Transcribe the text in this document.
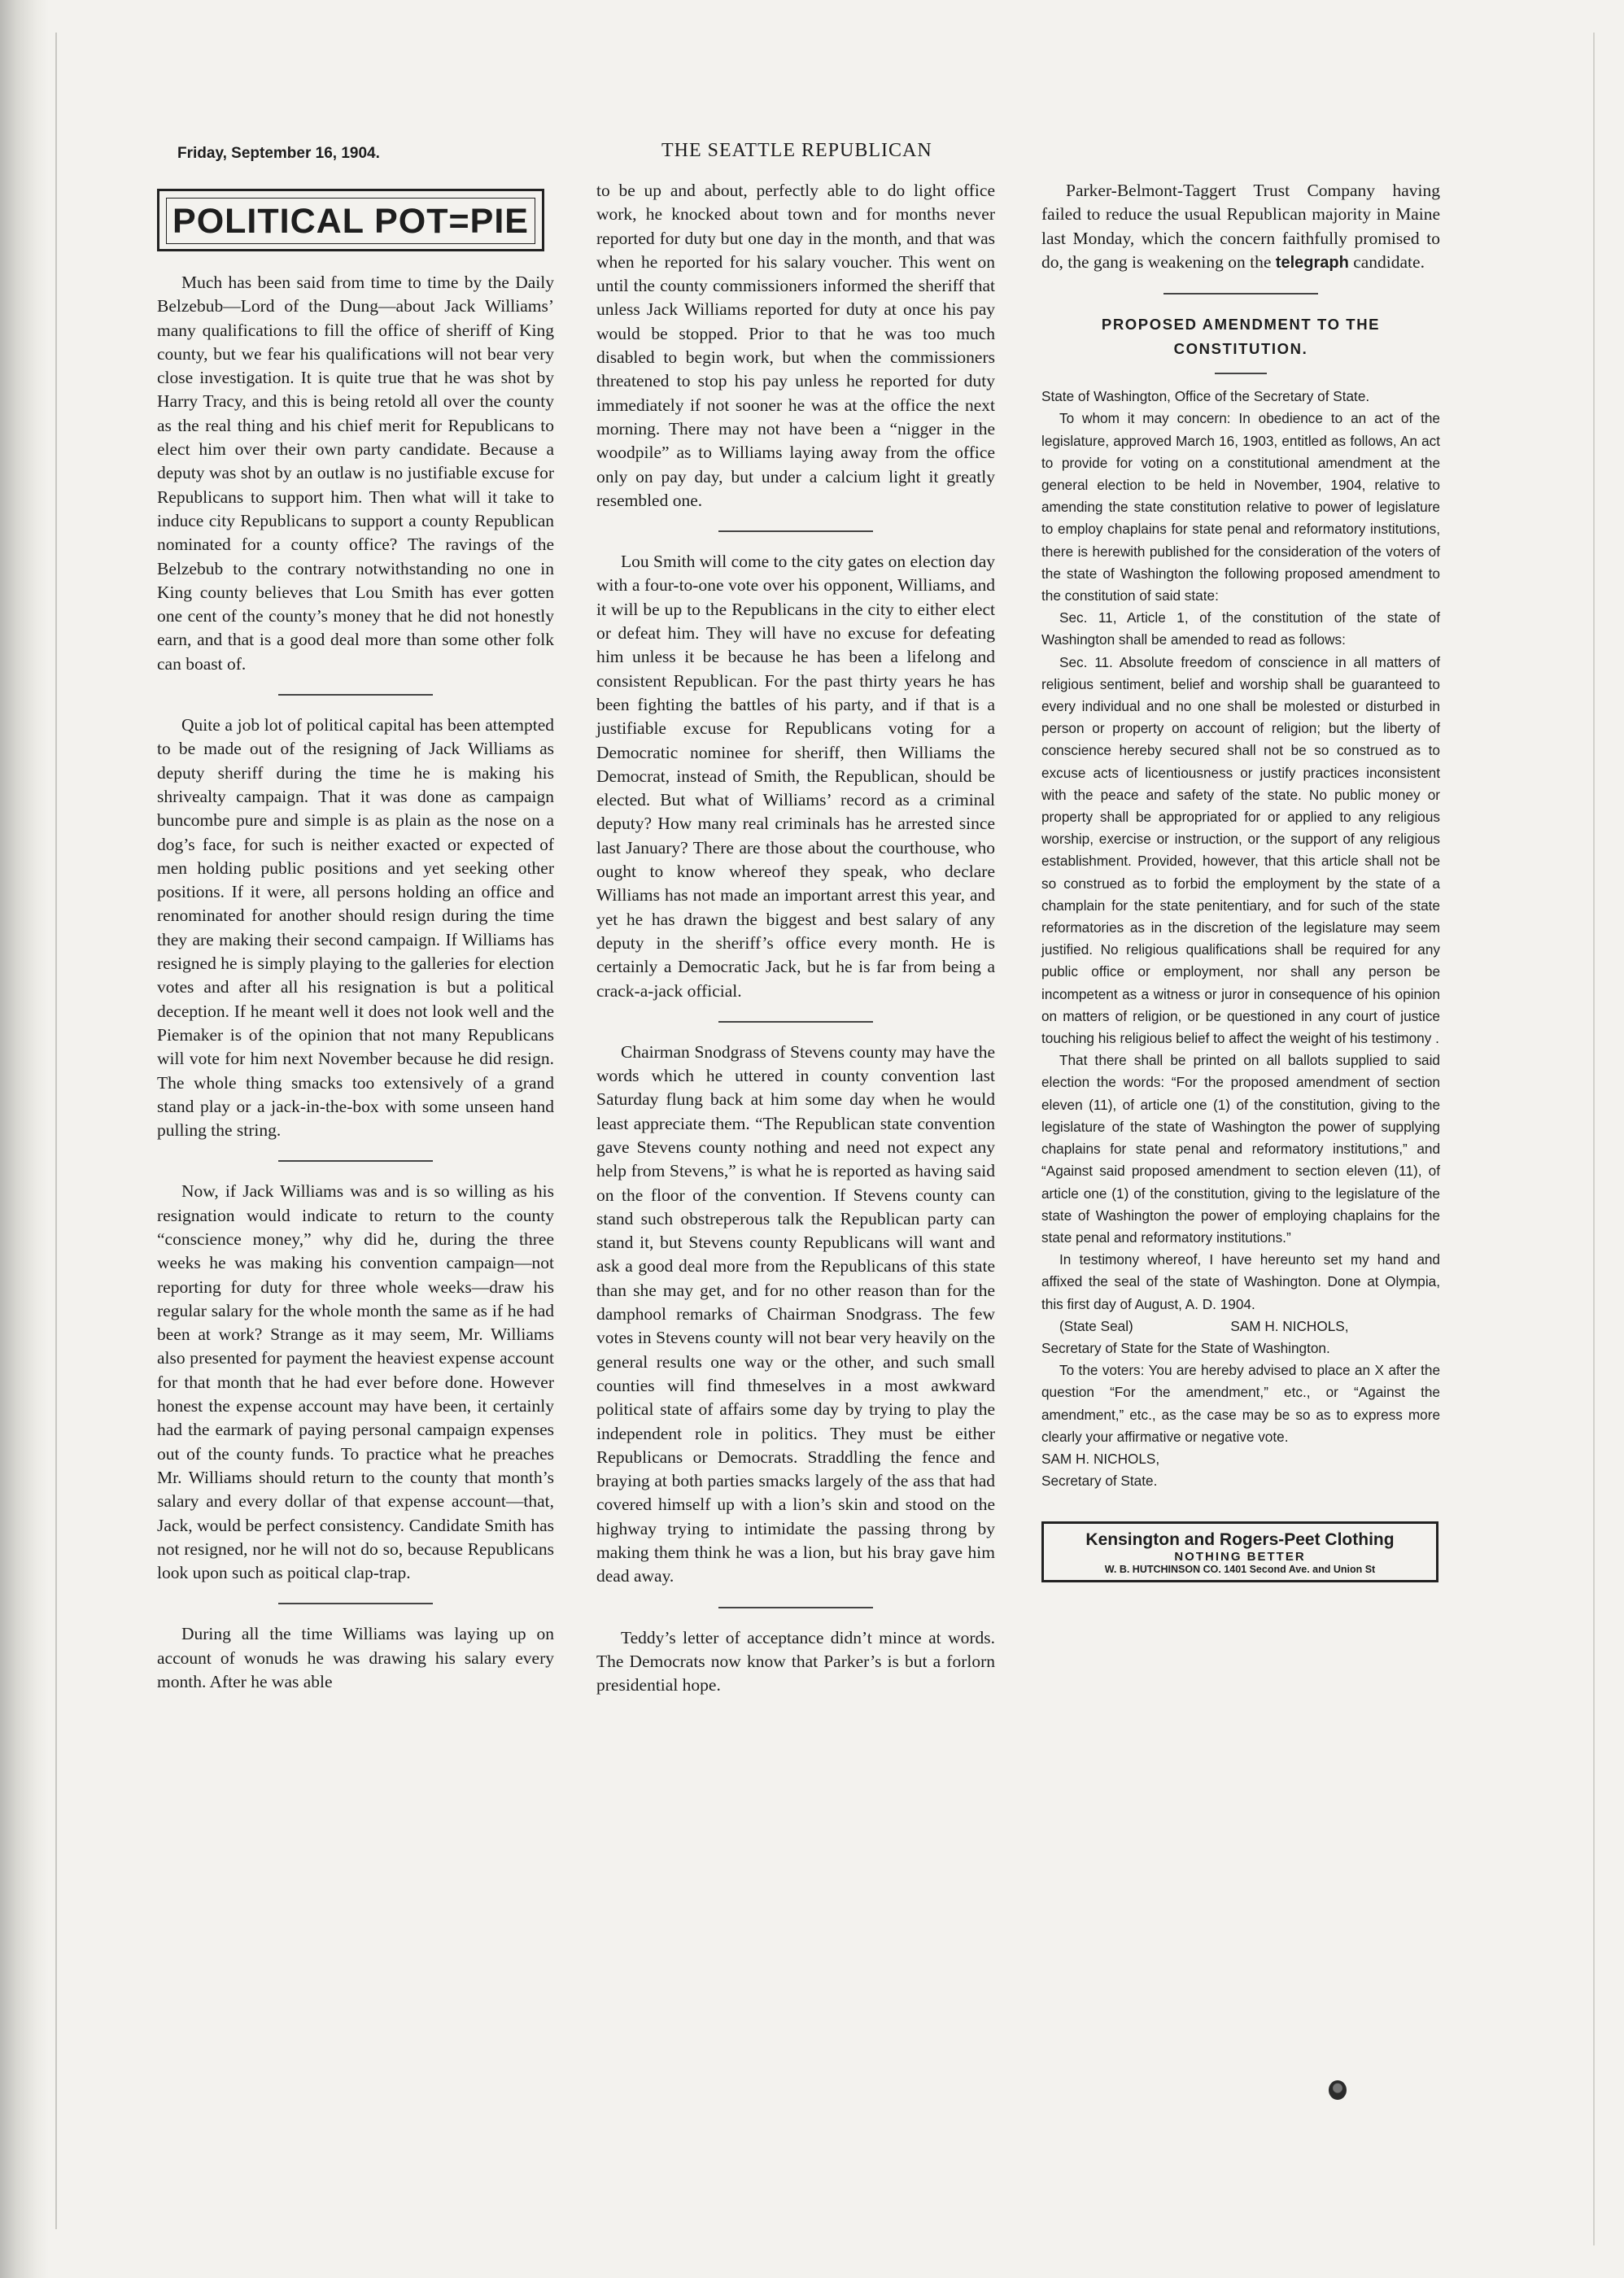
Friday, September 16, 1904.	THE SEATTLE REPUBLICAN
POLITICAL POT=PIE

Much has been said from time to time by the Daily Belzebub—Lord of the Dung—about Jack Williams’ many qualifications to fill the office of sheriff of King county, but we fear his qualifications will not bear very close investigation. It is quite true that he was shot by Harry Tracy, and this is being retold all over the county as the real thing and his chief merit for Republicans to elect him over their own party candidate. Because a deputy was shot by an outlaw is no justifiable excuse for Republicans to support him. Then what will it take to induce city Republicans to support a county Republican nominated for a county office? The ravings of the Belzebub to the contrary notwithstanding no one in King county believes that Lou Smith has ever gotten one cent of the county’s money that he did not honestly earn, and that is a good deal more than some other folk can boast of.

Quite a job lot of political capital has been attempted to be made out of the resigning of Jack Williams as deputy sheriff during the time he is making his shrivealty campaign. That it was done as campaign buncombe pure and simple is as plain as the nose on a dog’s face, for such is neither exacted or expected of men holding public positions and yet seeking other positions. If it were, all persons holding an office and renominated for another should resign during the time they are making their second campaign. If Williams has resigned he is simply playing to the galleries for election votes and after all his resignation is but a political deception. If he meant well it does not look well and the Piemaker is of the opinion that not many Republicans will vote for him next November because he did resign. The whole thing smacks too extensively of a grand stand play or a jack-in-the-box with some unseen hand pulling the string.

Now, if Jack Williams was and is so willing as his resignation would indicate to return to the county “conscience money,” why did he, during the three weeks he was making his convention campaign—not reporting for duty for three whole weeks—draw his regular salary for the whole month the same as if he had been at work? Strange as it may seem, Mr. Williams also presented for payment the heaviest expense account for that month that he had ever before done. However honest the expense account may have been, it certainly had the earmark of paying personal campaign expenses out of the county funds. To practice what he preaches Mr. Williams should return to the county that month’s salary and every dollar of that expense account—that, Jack, would be perfect consistency. Candidate Smith has not resigned, nor he will not do so, because Republicans look upon such as poitical clap-trap.

During all the time Williams was laying up on account of wonuds he was drawing his salary every month. After he was able

to be up and about, perfectly able to do light office work, he knocked about town and for months never reported for duty but one day in the month, and that was when he reported for his salary voucher. This went on until the county commissioners informed the sheriff that unless Jack Williams reported for duty at once his pay would be stopped. Prior to that he was too much disabled to begin work, but when the commissioners threatened to stop his pay unless he reported for duty immediately if not sooner he was at the office the next morning. There may not have been a “nigger in the woodpile” as to Williams laying away from the office only on pay day, but under a calcium light it greatly resembled one.

Lou Smith will come to the city gates on election day with a four-to-one vote over his opponent, Williams, and it will be up to the Republicans in the city to either elect or defeat him. They will have no excuse for defeating him unless it be because he has been a lifelong and consistent Republican. For the past thirty years he has been fighting the battles of his party, and if that is a justifiable excuse for Republicans voting for a Democratic nominee for sheriff, then Williams the Democrat, instead of Smith, the Republican, should be elected. But what of Williams’ record as a criminal deputy? How many real criminals has he arrested since last January? There are those about the courthouse, who ought to know whereof they speak, who declare Williams has not made an important arrest this year, and yet he has drawn the biggest and best salary of any deputy in the sheriff’s office every month. He is certainly a Democratic Jack, but he is far from being a crack-a-jack official.

Chairman Snodgrass of Stevens county may have the words which he uttered in county convention last Saturday flung back at him some day when he would least appreciate them. “The Republican state convention gave Stevens county nothing and need not expect any help from Stevens,” is what he is reported as having said on the floor of the convention. If Stevens county can stand such obstreperous talk the Republican party can stand it, but Stevens county Republicans will want and ask a good deal more from the Republicans of this state than she may get, and for no other reason than for the damphool remarks of Chairman Snodgrass. The few votes in Stevens county will not bear very heavily on the general results one way or the other, and such small counties will find thmeselves in a most awkward political state of affairs some day by trying to play the independent role in politics. They must be either Republicans or Democrats. Straddling the fence and braying at both parties smacks largely of the ass that had covered himself up with a lion’s skin and stood on the highway trying to intimidate the passing throng by making them think he was a lion, but his bray gave him dead away.

Teddy’s letter of acceptance didn’t mince at words. The Democrats now know that Parker’s is but a forlorn presidential hope.

Parker-Belmont-Taggert Trust Company having failed to reduce the usual Republican majority in Maine last Monday, which the concern faithfully promised to do, the gang is weakening on the telegraph candidate.

PROPOSED AMENDMENT TO THE CONSTITUTION.

State of Washington, Office of the Secretary of State.

To whom it may concern: In obedience to an act of the legislature, approved March 16, 1903, entitled as follows, An act to provide for voting on a constitutional amendment at the general election to be held in November, 1904, relative to amending the state constitution relative to power of legislature to employ chaplains for state penal and reformatory institutions, there is herewith published for the consideration of the voters of the state of Washington the following proposed amendment to the constitution of said state:

Sec. 11, Article 1, of the constitution of the state of Washington shall be amended to read as follows:

Sec. 11. Absolute freedom of conscience in all matters of religious sentiment, belief and worship shall be guaranteed to every individual and no one shall be molested or disturbed in person or property on account of religion; but the liberty of conscience hereby secured shall not be so construed as to excuse acts of licentiousness or justify practices inconsistent with the peace and safety of the state. No public money or property shall be appropriated for or applied to any religious worship, exercise or instruction, or the support of any religious establishment. Provided, however, that this article shall not be so construed as to forbid the employment by the state of a champlain for the state penitentiary, and for such of the state reformatories as in the discretion of the legislature may seem justified. No religious qualifications shall be required for any public office or employment, nor shall any person be incompetent as a witness or juror in consequence of his opinion on matters of religion, or be questioned in any court of justice touching his religious belief to affect the weight of his testimony .

That there shall be printed on all ballots supplied to said election the words: “For the proposed amendment of section eleven (11), of article one (1) of the constitution, giving to the legislature of the state of Washington the power of supplying chaplains for state penal and reformatory institutions,” and “Against said proposed amendment to section eleven (11), of article one (1) of the constitution, giving to the legislature of the state of Washington the power of employing chaplains for the state penal and reformatory institutions.”

In testimony whereof, I have hereunto set my hand and affixed the seal of the state of Washington. Done at Olympia, this first day of August, A. D. 1904.

(State Seal)	SAM H. NICHOLS,

Secretary of State for the State of Washington.

To the voters: You are hereby advised to place an X after the question “For the amendment,” etc., or “Against the amendment,” etc., as the case may be so as to express more clearly your affirmative or negative vote.

SAM H. NICHOLS,

Secretary of State.

Kensington and Rogers-Peet Clothing
NOTHING BETTER
W. B. HUTCHINSON CO. 1401 Second Ave. and Union St
